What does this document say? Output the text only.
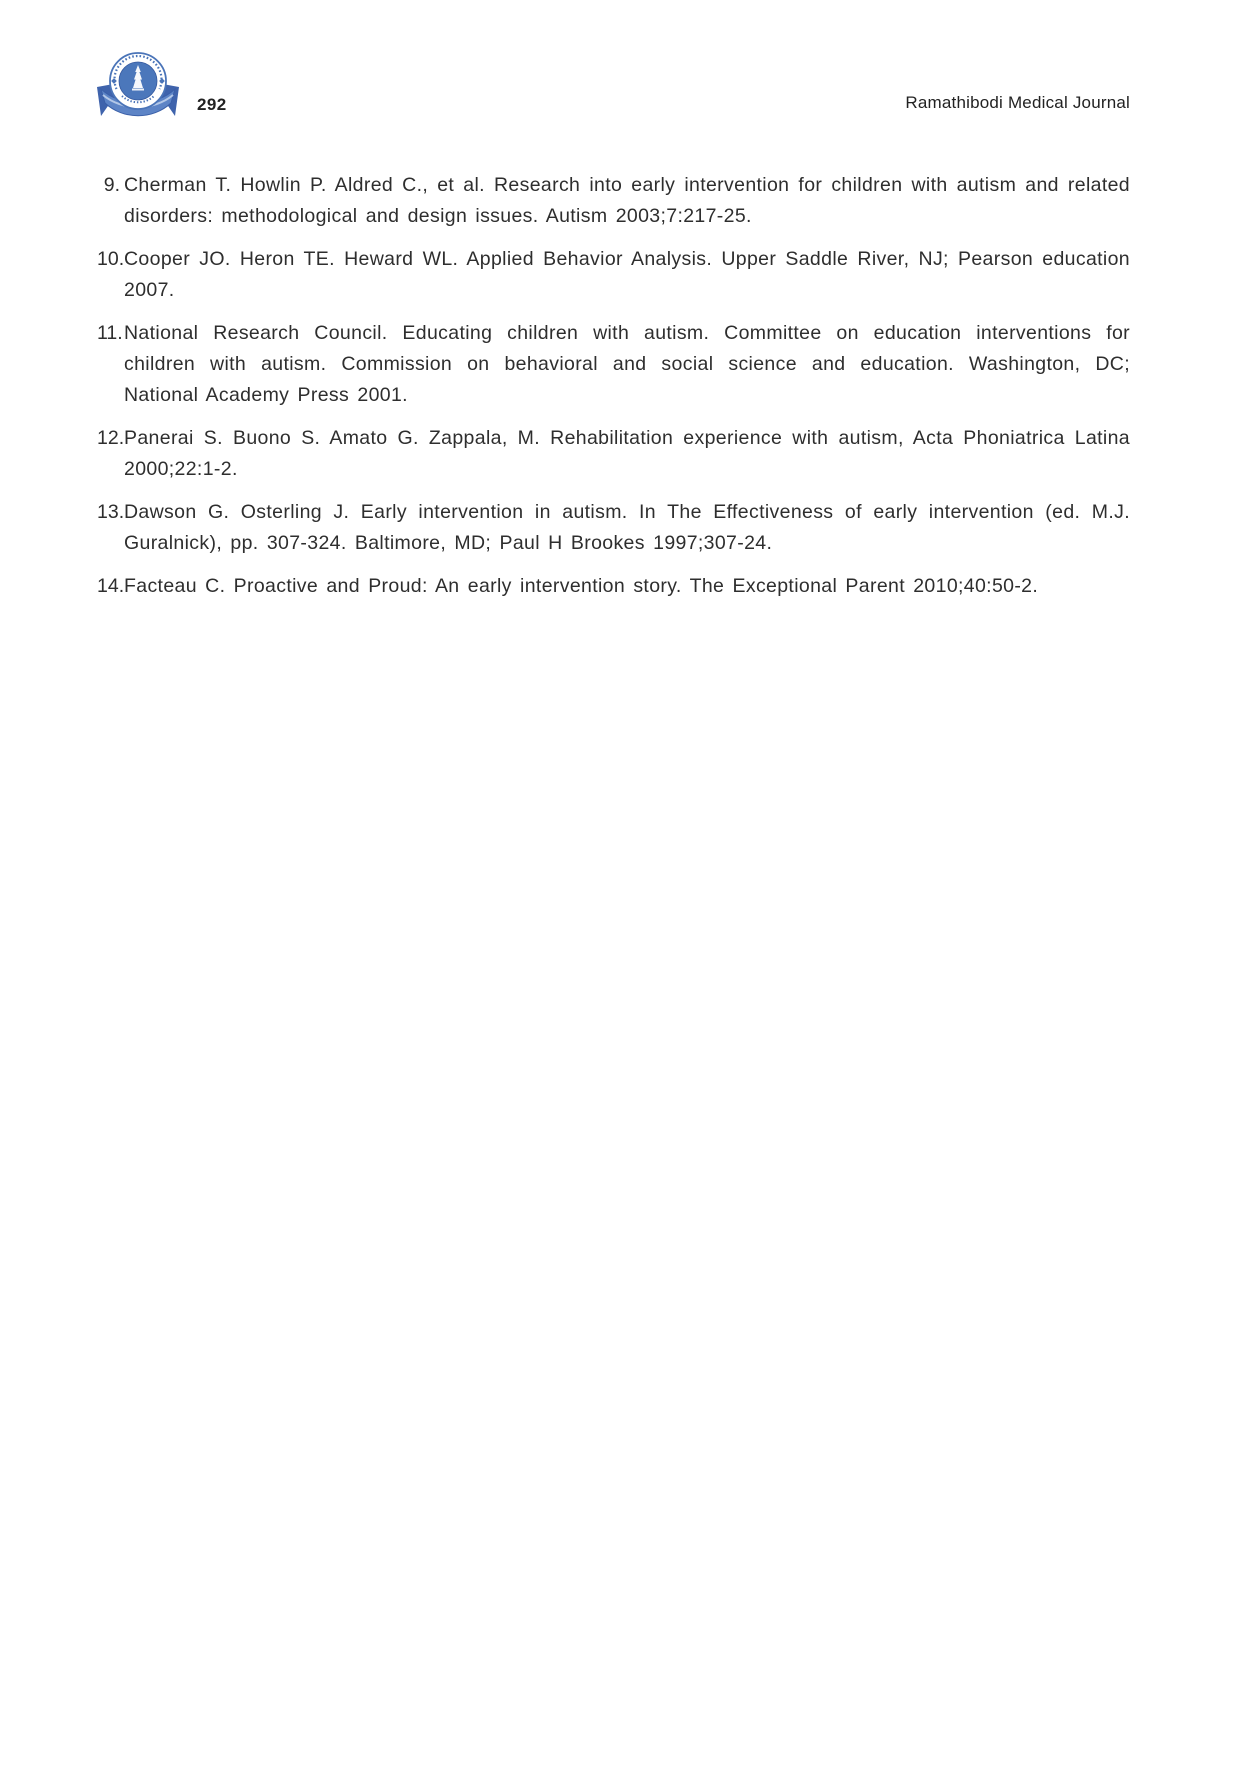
292	Ramathibodi Medical Journal
9. Cherman T. Howlin P. Aldred C., et al. Research into early intervention for children with autism and related disorders: methodological and design issues. Autism 2003;7:217-25.
10. Cooper JO. Heron TE. Heward WL. Applied Behavior Analysis. Upper Saddle River, NJ; Pearson education 2007.
11. National Research Council. Educating children with autism. Committee on education interventions for children with autism. Commission on behavioral and social science and education. Washington, DC; National Academy Press 2001.
12. Panerai S. Buono S. Amato G. Zappala, M. Rehabilitation experience with autism, Acta Phoniatrica Latina 2000;22:1-2.
13. Dawson G. Osterling J. Early intervention in autism. In The Effectiveness of early intervention (ed. M.J. Guralnick), pp. 307-324. Baltimore, MD; Paul H Brookes 1997;307-24.
14. Facteau C. Proactive and Proud: An early intervention story. The Exceptional Parent 2010;40:50-2.
